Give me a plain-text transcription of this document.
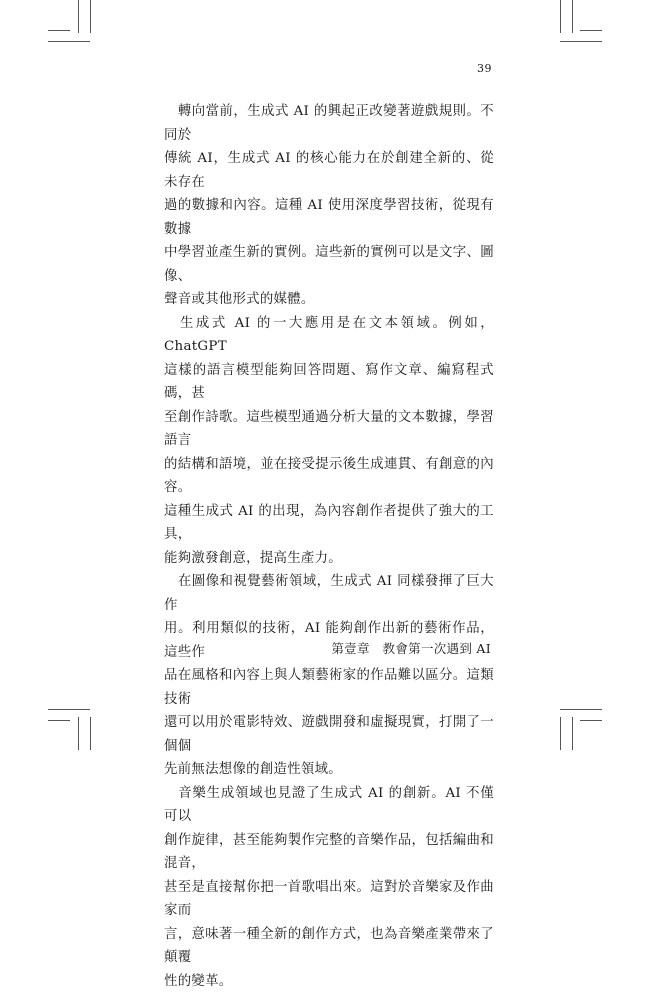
39

　轉向當前，生成式 AI 的興起正改變著遊戲規則。不同於
傳統 AI，生成式 AI 的核心能力在於創建全新的、從未存在
過的數據和內容。這種 AI 使用深度學習技術，從現有數據
中學習並產生新的實例。這些新的實例可以是文字、圖像、
聲音或其他形式的媒體。

　生成式 AI 的一大應用是在文本領域。例如，ChatGPT
這樣的語言模型能夠回答問題、寫作文章、編寫程式碼，甚
至創作詩歌。這些模型通過分析大量的文本數據，學習語言
的結構和語境，並在接受提示後生成連貫、有創意的內容。
這種生成式 AI 的出現，為內容創作者提供了強大的工具，
能夠激發創意，提高生產力。

　在圖像和視覺藝術領域，生成式 AI 同樣發揮了巨大作
用。利用類似的技術，AI 能夠創作出新的藝術作品，這些作
品在風格和內容上與人類藝術家的作品難以區分。這類技術
還可以用於電影特效、遊戲開發和虛擬現實，打開了一個個
先前無法想像的創造性領域。

　音樂生成領域也見證了生成式 AI 的創新。AI 不僅可以
創作旋律，甚至能夠製作完整的音樂作品，包括編曲和混音，
甚至是直接幫你把一首歌唱出來。這對於音樂家及作曲家而
言，意味著一種全新的創作方式，也為音樂產業帶來了顛覆
性的變革。

第壹章　教會第一次遇到 AI
